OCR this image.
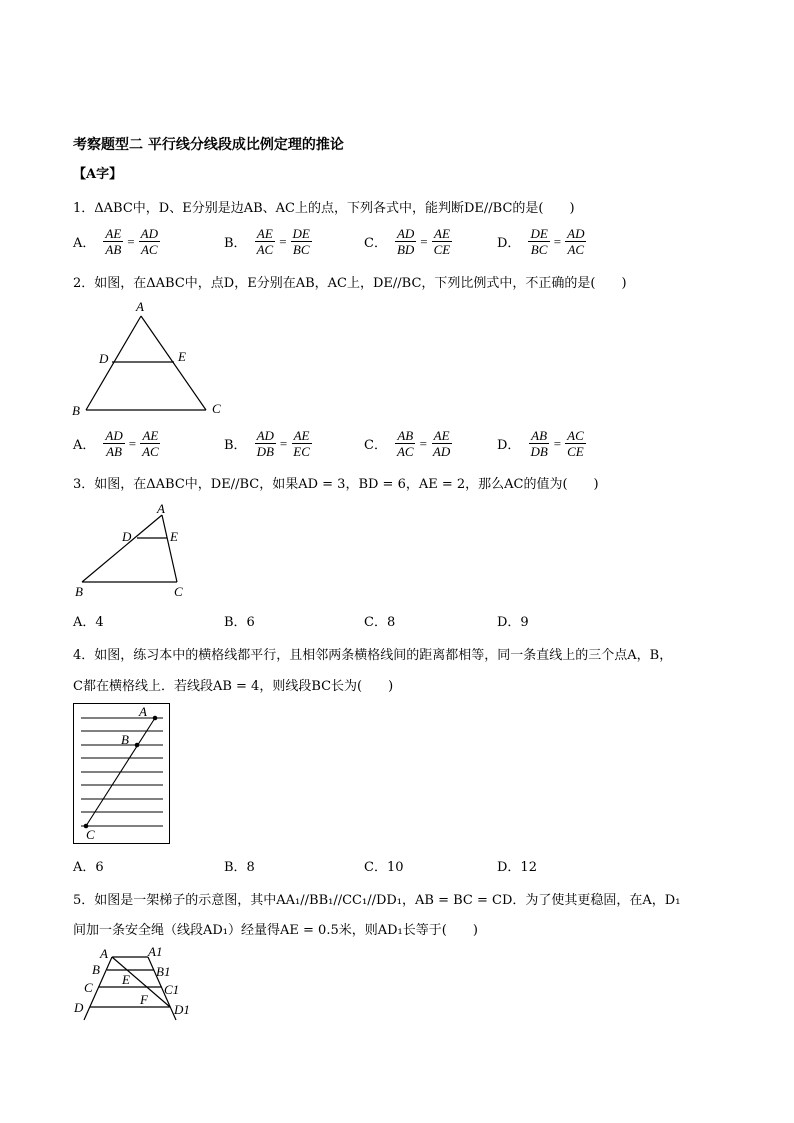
考察题型二 平行线分线段成比例定理的推论
【A字】
1．ΔABC中，D、E分别是边AB、AC上的点，下列各式中，能判断DE//BC的是(　　)
A． $\frac{AE}{AB} = \frac{AD}{AC}$	B． $\frac{AE}{AC} = \frac{DE}{BC}$	C． $\frac{AD}{BD} = \frac{AE}{CE}$	D． $\frac{DE}{BC} = \frac{AD}{AC}$
2．如图，在ΔABC中，点D，E分别在AB，AC上，DE//BC，下列比例式中，不正确的是(　　)
A
D	E
B	C
A． $\frac{AD}{AB} = \frac{AE}{AC}$	B． $\frac{AD}{DB} = \frac{AE}{EC}$	C． $\frac{AB}{AC} = \frac{AE}{AD}$	D． $\frac{AB}{DB} = \frac{AC}{CE}$
3．如图，在ΔABC中，DE//BC，如果AD = 3，BD = 6，AE = 2，那么AC的值为(　　)
A
D	E
B	C
A．4	B．6	C．8	D．9
4．如图，练习本中的横格线都平行，且相邻两条横格线间的距离都相等，同一条直线上的三个点A，B，
C都在横格线上．若线段AB = 4，则线段BC长为(　　)
A
B
C
A．6	B．8	C．10	D．12
5．如图是一架梯子的示意图，其中AA₁//BB₁//CC₁//DD₁，AB = BC = CD．为了使其更稳固，在A，D₁
间加一条安全绳（线段AD₁）经量得AE = 0.5米，则AD₁长等于(　　)
A	A1
B	B1
C
E
C1
F
D	D1
